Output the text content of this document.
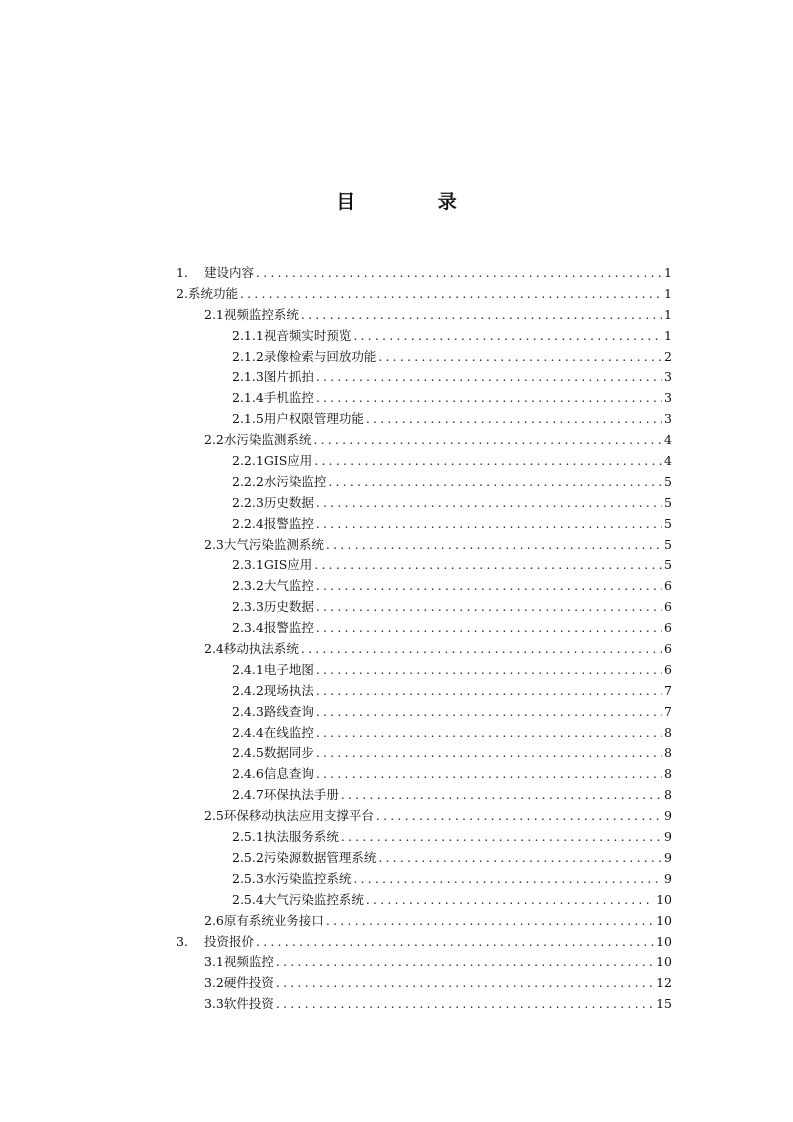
目 录
1.	建设内容 .....	1
2. 系统功能 .....	1
2.1 视频监控系统 .....	1
2.1.1 视音频实时预览 .....	1
2.1.2 录像检索与回放功能 .....	2
2.1.3 图片抓拍 .....	3
2.1.4 手机监控 .....	3
2.1.5 用户权限管理功能 .....	3
2.2 水污染监测系统 .....	4
2.2.1 GIS应用 .....	4
2.2.2 水污染监控 .....	5
2.2.3 历史数据 .....	5
2.2.4 报警监控 .....	5
2.3 大气污染监测系统 .....	5
2.3.1 GIS应用 .....	5
2.3.2 大气监控 .....	6
2.3.3 历史数据 .....	6
2.3.4 报警监控 .....	6
2.4 移动执法系统 .....	6
2.4.1 电子地图 .....	6
2.4.2 现场执法 .....	7
2.4.3 路线查询 .....	7
2.4.4 在线监控 .....	8
2.4.5 数据同步 .....	8
2.4.6 信息查询 .....	8
2.4.7 环保执法手册 .....	8
2.5 环保移动执法应用支撑平台 .....	9
2.5.1 执法服务系统 .....	9
2.5.2 污染源数据管理系统 .....	9
2.5.3 水污染监控系统 .....	9
2.5.4 大气污染监控系统 .....	10
2.6 原有系统业务接口 .....	10
3.	投资报价 .....	10
3.1 视频监控 .....	10
3.2 硬件投资 .....	12
3.3 软件投资 .....	15
